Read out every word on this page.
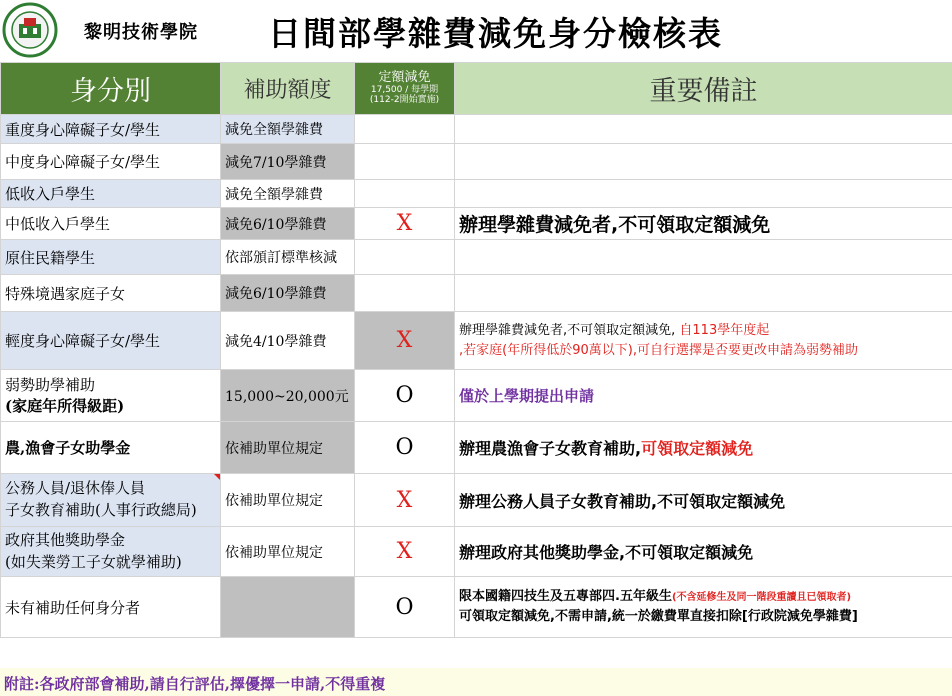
黎明技術學院 日間部學雜費減免身分檢核表
身分別	補助額度	定額減免
17,500 / 每學期
(112-2開始實施)	重要備註
重度身心障礙子女/學生	減免全額學雜費		
中度身心障礙子女/學生	減免7/10學雜費		
低收入戶學生	減免全額學雜費		
中低收入戶學生	減免6/10學雜費	X	辦理學雜費減免者,不可領取定額減免
原住民籍學生	依部頒訂標準核減		
特殊境遇家庭子女	減免6/10學雜費		
輕度身心障礙子女/學生	減免4/10學雜費	X	辦理學雜費減免者,不可領取定額減免, 自113學年度起
,若家庭(年所得低於90萬以下),可自行選擇是否要更改申請為弱勢補助
弱勢助學補助
(家庭年所得級距)	15,000~20,000元	O	僅於上學期提出申請
農,漁會子女助學金	依補助單位規定	O	辦理農漁會子女教育補助,可領取定額減免
公務人員/退休俸人員
子女教育補助(人事行政總局)	依補助單位規定	X	辦理公務人員子女教育補助,不可領取定額減免
政府其他獎助學金
(如失業勞工子女就學補助)	依補助單位規定	X	辦理政府其他獎助學金,不可領取定額減免
未有補助任何身分者		O	限本國籍四技生及五專部四.五年級生(不含延修生及同一階段重讀且已領取者)
可領取定額減免,不需申請,統一於繳費單直接扣除[行政院減免學雜費]
附註:各政府部會補助,請自行評估,擇優擇一申請,不得重複
